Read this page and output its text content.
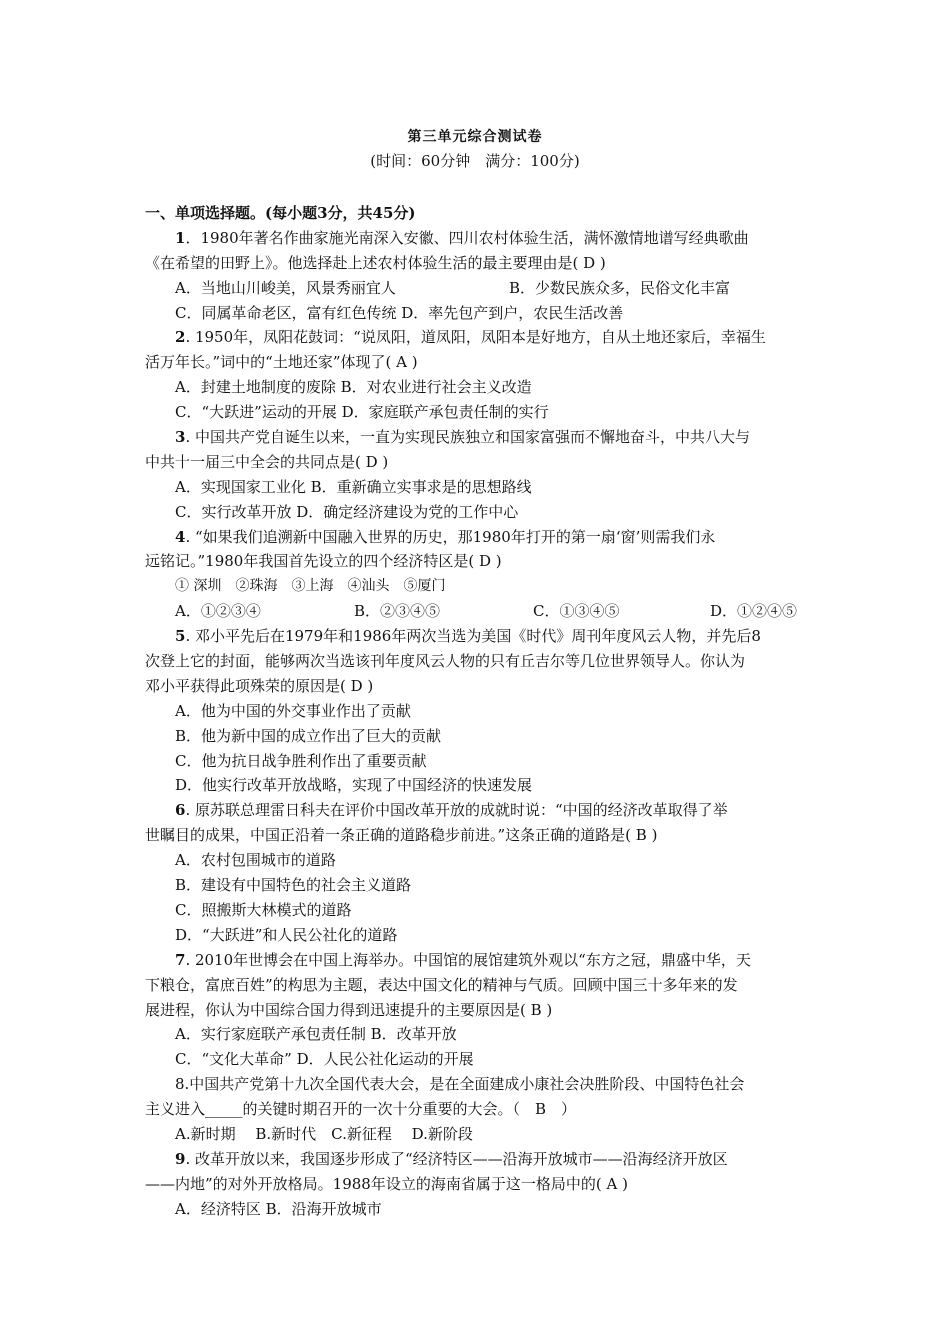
第三单元综合测试卷
(时间：60分钟　满分：100分)
一、单项选择题。(每小题3分，共45分)
1．1980年著名作曲家施光南深入安徽、四川农村体验生活，满怀激情地谱写经典歌曲
《在希望的田野上》。他选择赴上述农村体验生活的最主要理由是( D )
A．当地山川峻美，风景秀丽宜人	B．少数民族众多，民俗文化丰富
C．同属革命老区，富有红色传统 D．率先包产到户，农民生活改善
2. 1950年，凤阳花鼓词：“说凤阳，道凤阳，凤阳本是好地方，自从土地还家后，幸福生
活万年长。”词中的“土地还家”体现了( A )
A．封建土地制度的废除 B．对农业进行社会主义改造
C．“大跃进”运动的开展 D．家庭联产承包责任制的实行
3. 中国共产党自诞生以来，一直为实现民族独立和国家富强而不懈地奋斗，中共八大与
中共十一届三中全会的共同点是( D )
A．实现国家工业化 B．重新确立实事求是的思想路线
C．实行改革开放 D．确定经济建设为党的工作中心
4. “如果我们追溯新中国融入世界的历史，那1980年打开的第一扇‘窗’则需我们永
远铭记。”1980年我国首先设立的四个经济特区是( D )
① 深圳　②珠海　③上海　④汕头　⑤厦门
A．①②③④	B．②③④⑤	C．①③④⑤	D．①②④⑤
5. 邓小平先后在1979年和1986年两次当选为美国《时代》周刊年度风云人物，并先后8
次登上它的封面，能够两次当选该刊年度风云人物的只有丘吉尔等几位世界领导人。你认为
邓小平获得此项殊荣的原因是( D )
A．他为中国的外交事业作出了贡献
B．他为新中国的成立作出了巨大的贡献
C．他为抗日战争胜利作出了重要贡献
D．他实行改革开放战略，实现了中国经济的快速发展
6. 原苏联总理雷日科夫在评价中国改革开放的成就时说：“中国的经济改革取得了举
世瞩目的成果，中国正沿着一条正确的道路稳步前进。”这条正确的道路是( B )
A．农村包围城市的道路
B．建设有中国特色的社会主义道路
C．照搬斯大林模式的道路
D．“大跃进”和人民公社化的道路
7. 2010年世博会在中国上海举办。中国馆的展馆建筑外观以“东方之冠，鼎盛中华，天
下粮仓，富庶百姓”的构思为主题，表达中国文化的精神与气质。回顾中国三十多年来的发
展进程，你认为中国综合国力得到迅速提升的主要原因是( B )
A．实行家庭联产承包责任制 B．改革开放
C．“文化大革命” D．人民公社化运动的开展
8.中国共产党第十九次全国代表大会，是在全面建成小康社会决胜阶段、中国特色社会
主义进入_____的关键时期召开的一次十分重要的大会。（　B　）
A.新时期　 B.新时代　C.新征程　 D.新阶段
9. 改革开放以来，我国逐步形成了“经济特区——沿海开放城市——沿海经济开放区
——内地”的对外开放格局。1988年设立的海南省属于这一格局中的( A )
A．经济特区 B．沿海开放城市
